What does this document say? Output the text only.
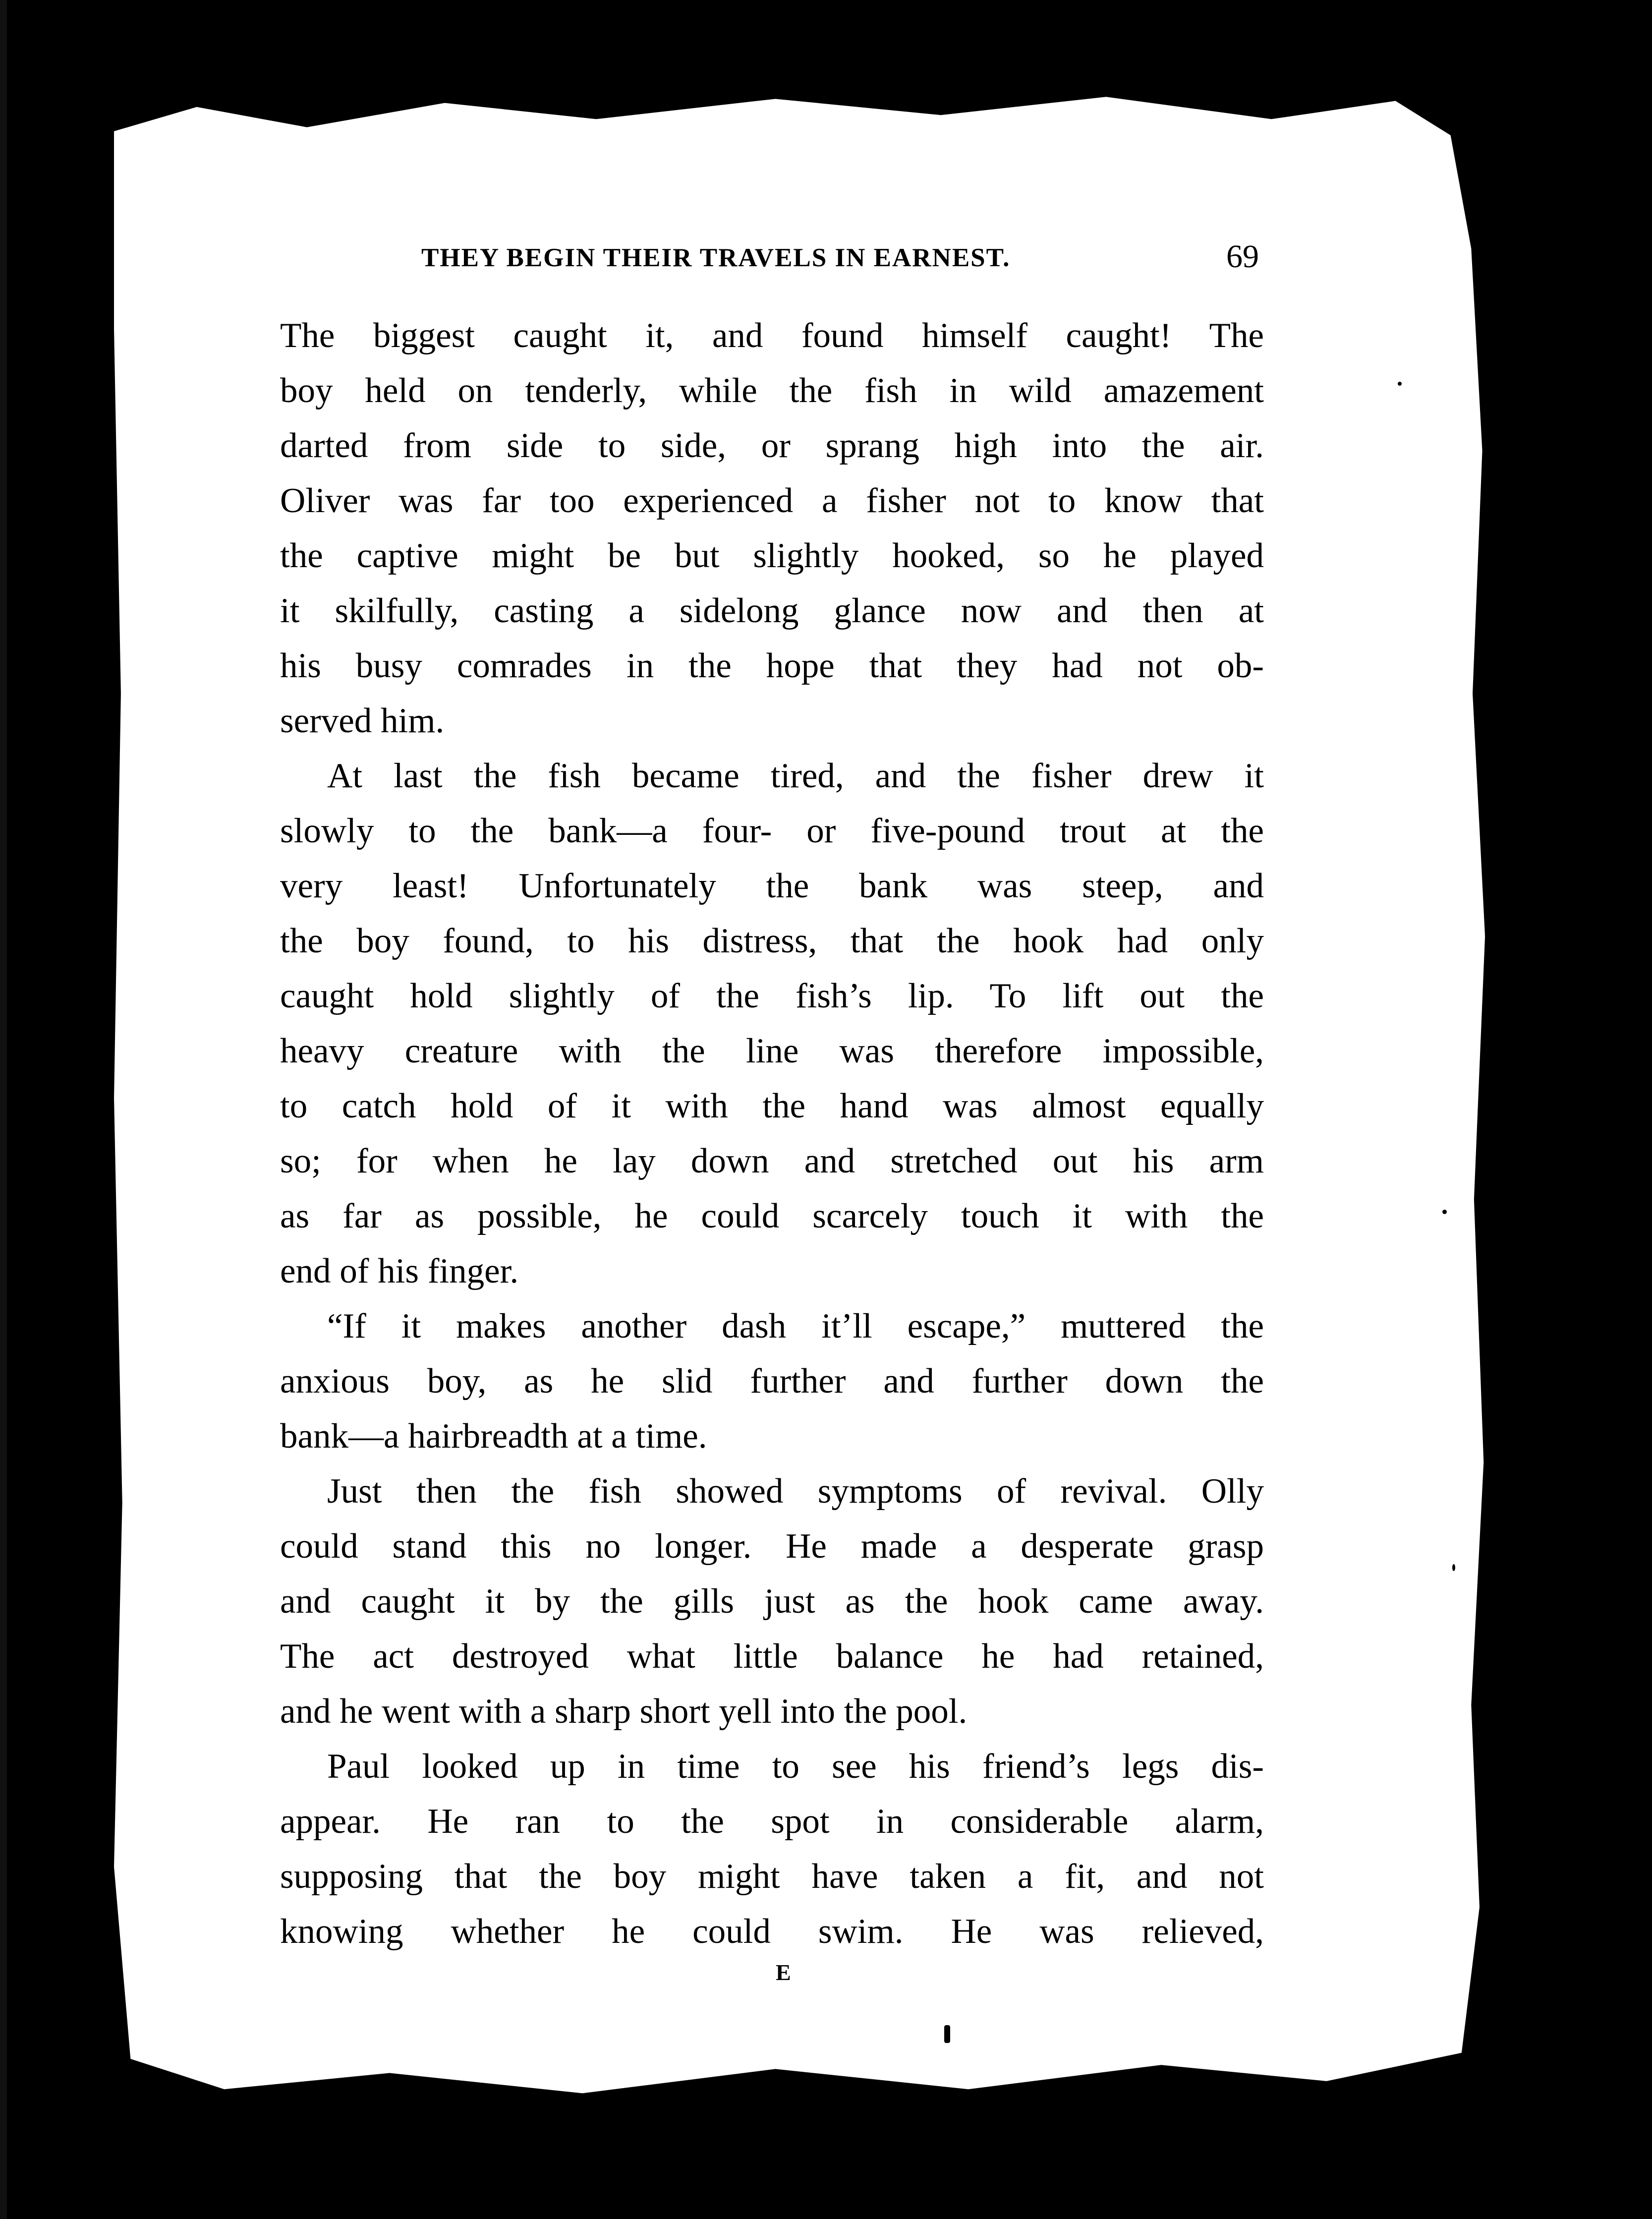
THEY BEGIN THEIR TRAVELS IN EARNEST.	69
The biggest caught it, and found himself caught! The
boy held on tenderly, while the fish in wild amazement
darted from side to side, or sprang high into the air.
Oliver was far too experienced a fisher not to know that
the captive might be but slightly hooked, so he played
it skilfully, casting a sidelong glance now and then at
his busy comrades in the hope that they had not ob-
served him.
At last the fish became tired, and the fisher drew it
slowly to the bank—a four- or five-pound trout at the
very least! Unfortunately the bank was steep, and
the boy found, to his distress, that the hook had only
caught hold slightly of the fish’s lip. To lift out the
heavy creature with the line was therefore impossible,
to catch hold of it with the hand was almost equally
so; for when he lay down and stretched out his arm
as far as possible, he could scarcely touch it with the
end of his finger.
“If it makes another dash it’ll escape,” muttered the
anxious boy, as he slid further and further down the
bank—a hairbreadth at a time.
Just then the fish showed symptoms of revival. Olly
could stand this no longer. He made a desperate grasp
and caught it by the gills just as the hook came away.
The act destroyed what little balance he had retained,
and he went with a sharp short yell into the pool.
Paul looked up in time to see his friend’s legs dis-
appear. He ran to the spot in considerable alarm,
supposing that the boy might have taken a fit, and not
knowing whether he could swim. He was relieved,
E
